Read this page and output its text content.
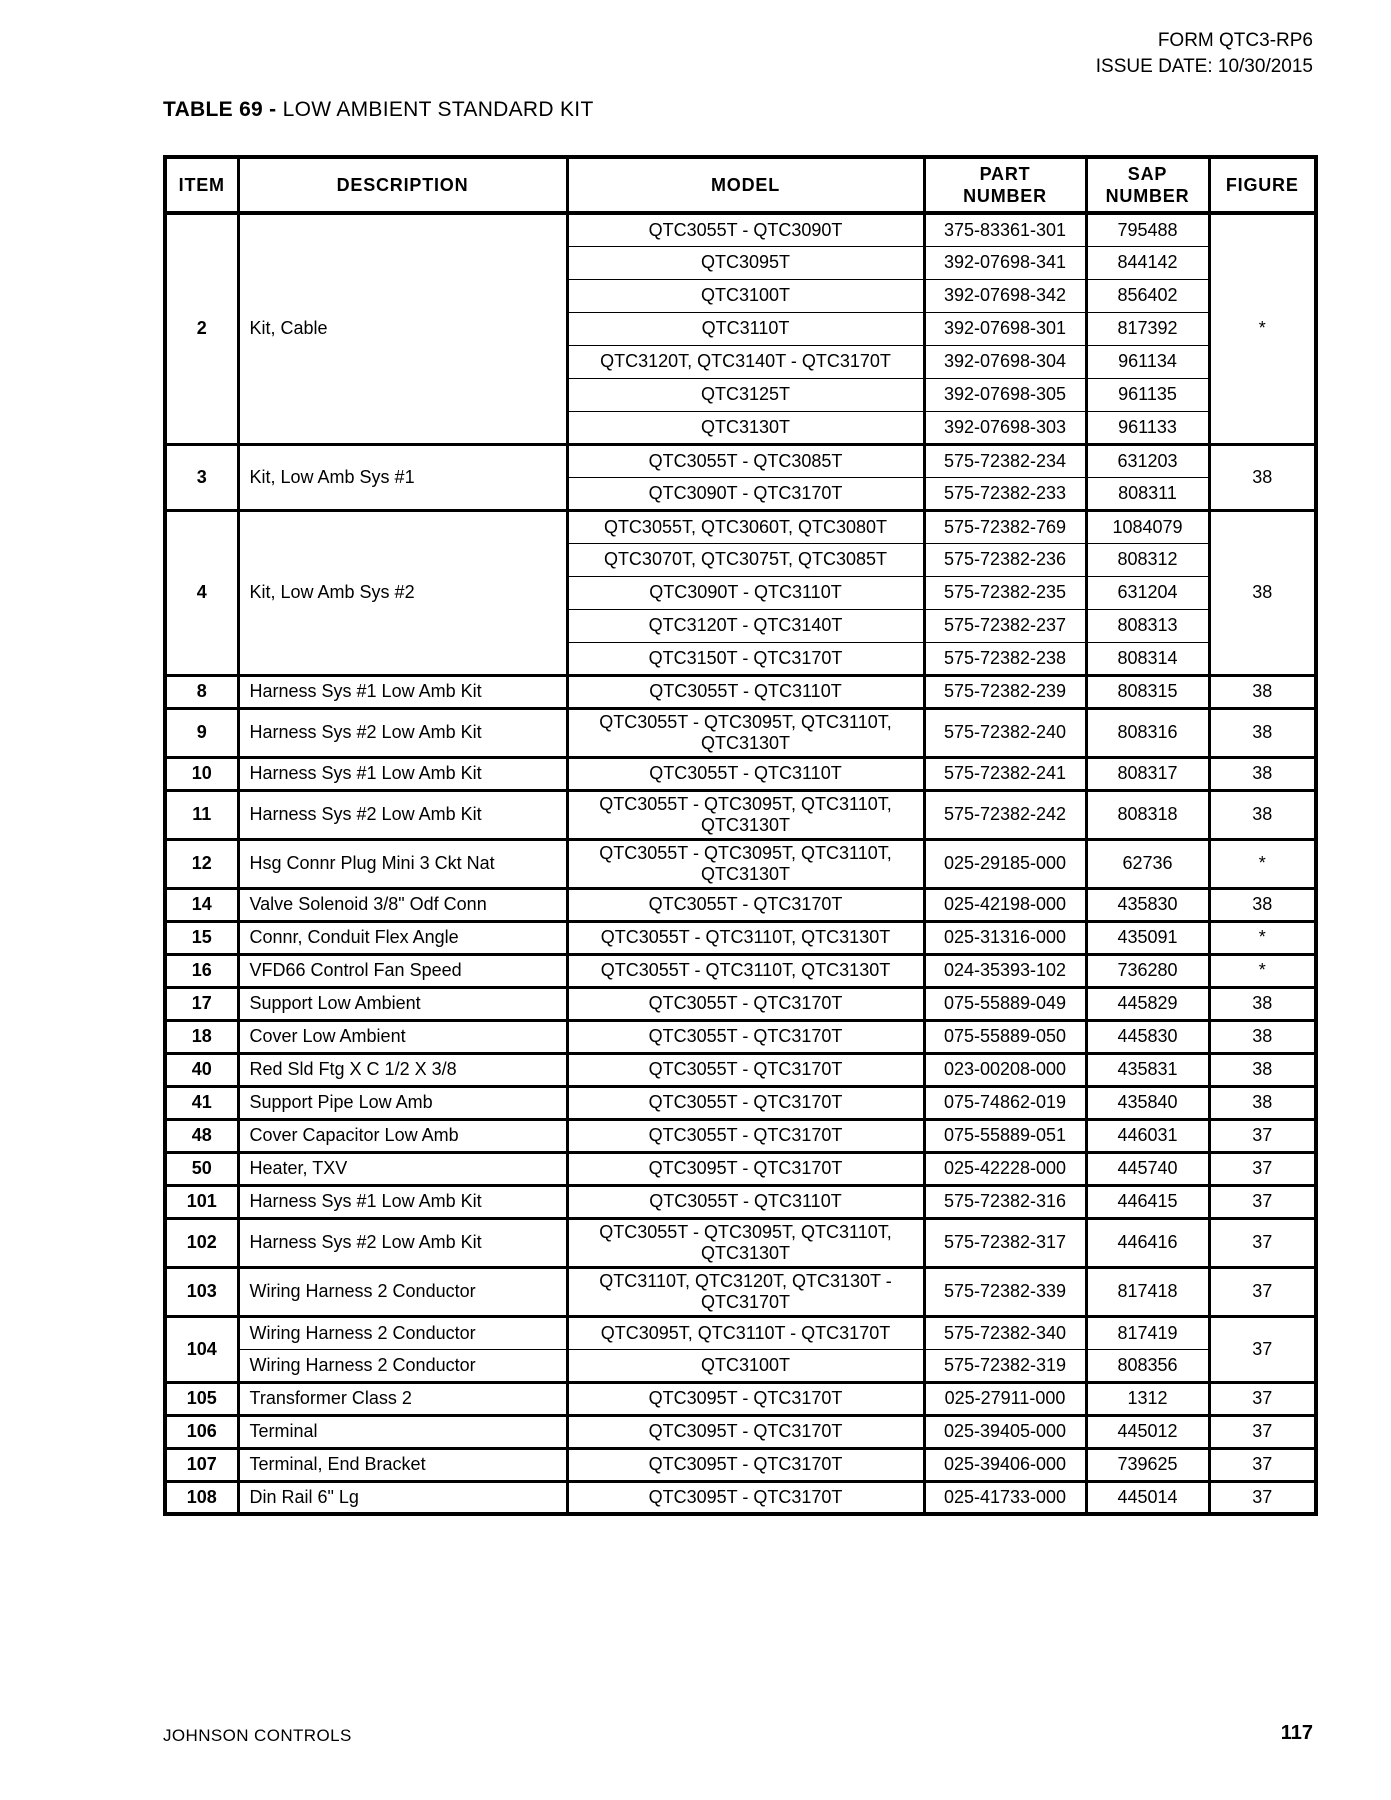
FORM QTC3-RP6
ISSUE DATE: 10/30/2015
TABLE 69 - LOW AMBIENT STANDARD KIT
ITEM	DESCRIPTION	MODEL	PART NUMBER	SAP NUMBER	FIGURE
2	Kit, Cable	QTC3055T - QTC3090T	375-83361-301	795488	*
		QTC3095T	392-07698-341	844142	
		QTC3100T	392-07698-342	856402	
		QTC3110T	392-07698-301	817392	
		QTC3120T, QTC3140T - QTC3170T	392-07698-304	961134	
		QTC3125T	392-07698-305	961135	
		QTC3130T	392-07698-303	961133	
3	Kit, Low Amb Sys #1	QTC3055T - QTC3085T	575-72382-234	631203	38
		QTC3090T - QTC3170T	575-72382-233	808311	
4	Kit, Low Amb Sys #2	QTC3055T, QTC3060T, QTC3080T	575-72382-769	1084079	38
		QTC3070T, QTC3075T, QTC3085T	575-72382-236	808312	
		QTC3090T - QTC3110T	575-72382-235	631204	
		QTC3120T - QTC3140T	575-72382-237	808313	
		QTC3150T - QTC3170T	575-72382-238	808314	
8	Harness Sys #1 Low Amb Kit	QTC3055T - QTC3110T	575-72382-239	808315	38
9	Harness Sys #2 Low Amb Kit	QTC3055T - QTC3095T, QTC3110T, QTC3130T	575-72382-240	808316	38
10	Harness Sys #1 Low Amb Kit	QTC3055T - QTC3110T	575-72382-241	808317	38
11	Harness Sys #2 Low Amb Kit	QTC3055T - QTC3095T, QTC3110T, QTC3130T	575-72382-242	808318	38
12	Hsg Connr Plug Mini 3 Ckt Nat	QTC3055T - QTC3095T, QTC3110T, QTC3130T	025-29185-000	62736	*
14	Valve Solenoid 3/8" Odf Conn	QTC3055T - QTC3170T	025-42198-000	435830	38
15	Connr, Conduit Flex Angle	QTC3055T - QTC3110T, QTC3130T	025-31316-000	435091	*
16	VFD66 Control Fan Speed	QTC3055T - QTC3110T, QTC3130T	024-35393-102	736280	*
17	Support Low Ambient	QTC3055T - QTC3170T	075-55889-049	445829	38
18	Cover Low Ambient	QTC3055T - QTC3170T	075-55889-050	445830	38
40	Red Sld Ftg X C 1/2 X 3/8	QTC3055T - QTC3170T	023-00208-000	435831	38
41	Support Pipe Low Amb	QTC3055T - QTC3170T	075-74862-019	435840	38
48	Cover Capacitor Low Amb	QTC3055T - QTC3170T	075-55889-051	446031	37
50	Heater, TXV	QTC3095T - QTC3170T	025-42228-000	445740	37
101	Harness Sys #1 Low Amb Kit	QTC3055T - QTC3110T	575-72382-316	446415	37
102	Harness Sys #2 Low Amb Kit	QTC3055T - QTC3095T, QTC3110T, QTC3130T	575-72382-317	446416	37
103	Wiring Harness 2 Conductor	QTC3110T, QTC3120T, QTC3130T - QTC3170T	575-72382-339	817418	37
104	Wiring Harness 2 Conductor	QTC3095T, QTC3110T - QTC3170T	575-72382-340	817419	37
	Wiring Harness 2 Conductor	QTC3100T	575-72382-319	808356	
105	Transformer Class 2	QTC3095T - QTC3170T	025-27911-000	1312	37
106	Terminal	QTC3095T - QTC3170T	025-39405-000	445012	37
107	Terminal, End Bracket	QTC3095T - QTC3170T	025-39406-000	739625	37
108	Din Rail 6" Lg	QTC3095T - QTC3170T	025-41733-000	445014	37
JOHNSON CONTROLS	117
